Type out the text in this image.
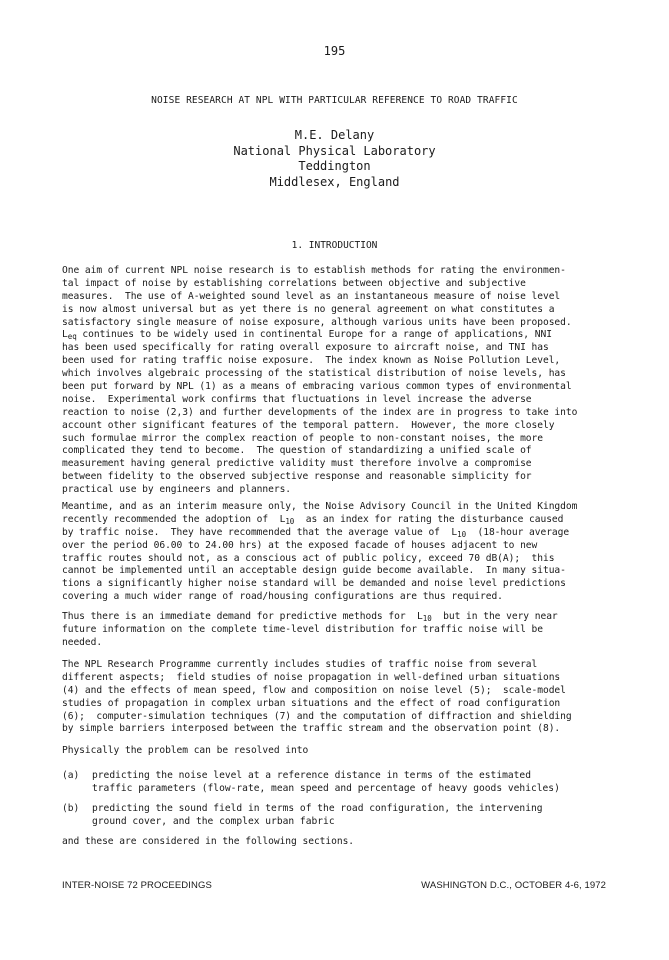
195
NOISE RESEARCH AT NPL WITH PARTICULAR REFERENCE TO ROAD TRAFFIC
M.E. Delany
National Physical Laboratory
Teddington
Middlesex, England
1. INTRODUCTION
One aim of current NPL noise research is to establish methods for rating the environmen-
tal impact of noise by establishing correlations between objective and subjective
measures.  The use of A-weighted sound level as an instantaneous measure of noise level
is now almost universal but as yet there is no general agreement on what constitutes a
satisfactory single measure of noise exposure, although various units have been proposed.
$L_{eq}$ continues to be widely used in continental Europe for a range of applications, NNI
has been used specifically for rating overall exposure to aircraft noise, and TNI has
been used for rating traffic noise exposure.  The index known as Noise Pollution Level,
which involves algebraic processing of the statistical distribution of noise levels, has
been put forward by NPL (1) as a means of embracing various common types of environmental
noise.  Experimental work confirms that fluctuations in level increase the adverse
reaction to noise (2,3) and further developments of the index are in progress to take into
account other significant features of the temporal pattern.  However, the more closely
such formulae mirror the complex reaction of people to non-constant noises, the more
complicated they tend to become.  The question of standardizing a unified scale of
measurement having general predictive validity must therefore involve a compromise
between fidelity to the observed subjective response and reasonable simplicity for
practical use by engineers and planners.
Meantime, and as an interim measure only, the Noise Advisory Council in the United Kingdom
recently recommended the adoption of  $L_{10}$  as an index for rating the disturbance caused
by traffic noise.  They have recommended that the average value of  $L_{10}$  (18-hour average
over the period 06.00 to 24.00 hrs) at the exposed facade of houses adjacent to new
traffic routes should not, as a conscious act of public policy, exceed 70 dB(A);  this
cannot be implemented until an acceptable design guide become available.  In many situa-
tions a significantly higher noise standard will be demanded and noise level predictions
covering a much wider range of road/housing configurations are thus required.
Thus there is an immediate demand for predictive methods for  $L_{10}$  but in the very near
future information on the complete time-level distribution for traffic noise will be
needed.
The NPL Research Programme currently includes studies of traffic noise from several
different aspects;  field studies of noise propagation in well-defined urban situations
(4) and the effects of mean speed, flow and composition on noise level (5);  scale-model
studies of propagation in complex urban situations and the effect of road configuration
(6);  computer-simulation techniques (7) and the computation of diffraction and shielding
by simple barriers interposed between the traffic stream and the observation point (8).
Physically the problem can be resolved into
(a) predicting the noise level at a reference distance in terms of the estimated
traffic parameters (flow-rate, mean speed and percentage of heavy goods vehicles)
(b) predicting the sound field in terms of the road configuration, the intervening
ground cover, and the complex urban fabric
and these are considered in the following sections.
INTER-NOISE 72 PROCEEDINGS	WASHINGTON D.C., OCTOBER 4-6, 1972
